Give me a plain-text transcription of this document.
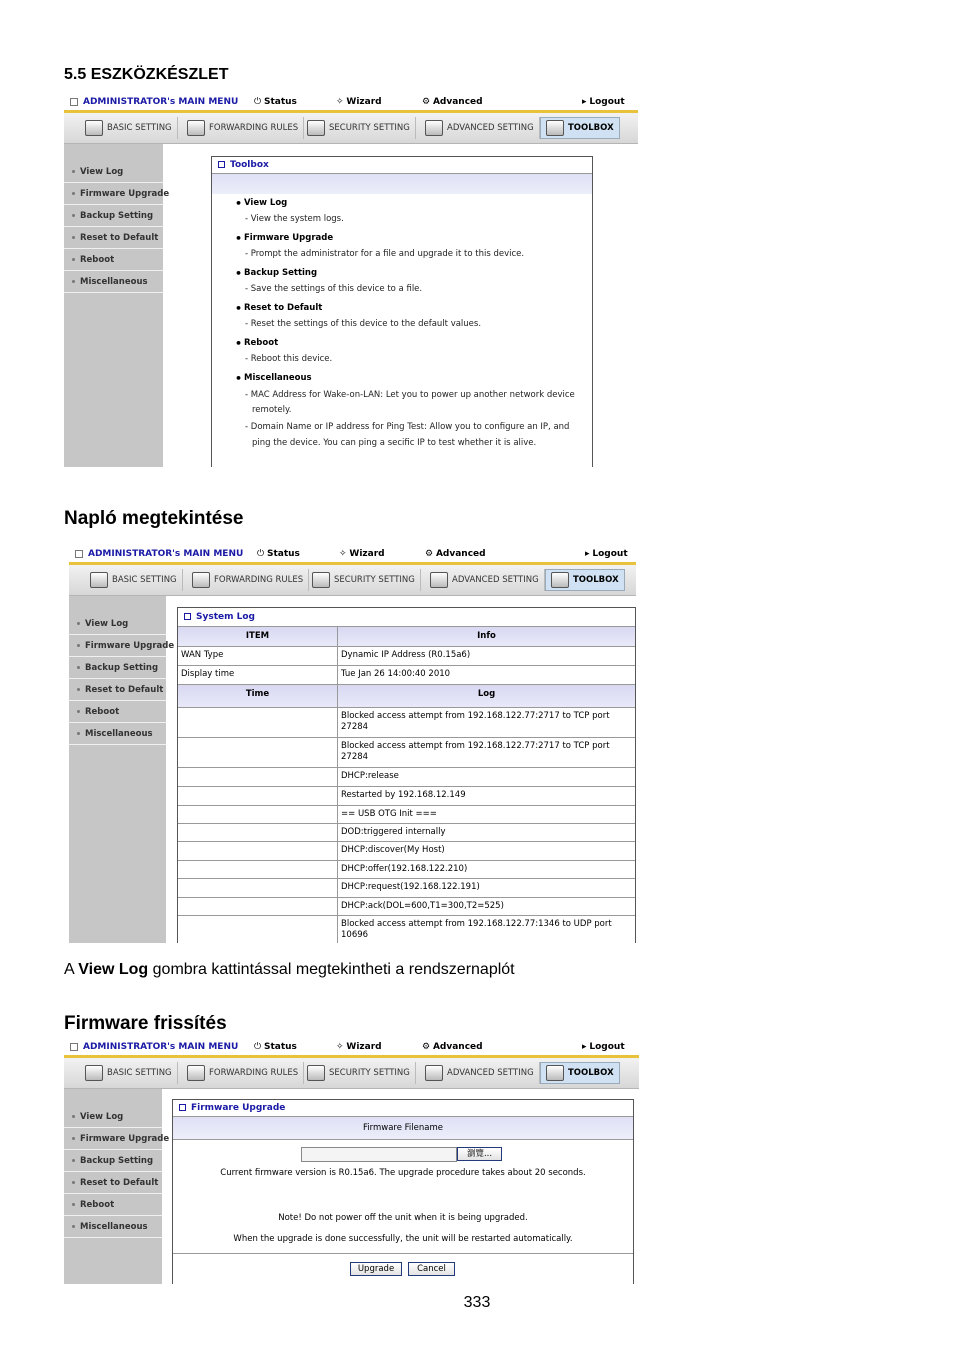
5.5 ESZKÖZKÉSZLET
ADMINISTRATOR's MAIN MENU ⏻ Status	✧ Wizard	⚙ Advanced	▸ Logout
BASIC SETTING	FORWARDING RULES	SECURITY SETTING	ADVANCED SETTING	TOOLBOX
View Log
Firmware Upgrade
Backup Setting
Reset to Default
Reboot
Miscellaneous
Toolbox
• View Log
- View the system logs.
• Firmware Upgrade
- Prompt the administrator for a file and upgrade it to this device.
• Backup Setting
- Save the settings of this device to a file.
• Reset to Default
- Reset the settings of this device to the default values.
• Reboot
- Reboot this device.
• Miscellaneous
- MAC Address for Wake-on-LAN: Let you to power up another network device
remotely.
- Domain Name or IP address for Ping Test: Allow you to configure an IP, and
ping the device. You can ping a secific IP to test whether it is alive.
Napló megtekintése
ADMINISTRATOR's MAIN MENU ⏻ Status	✧ Wizard	⚙ Advanced	▸ Logout
BASIC SETTING	FORWARDING RULES	SECURITY SETTING	ADVANCED SETTING	TOOLBOX
View Log
Firmware Upgrade
Backup Setting
Reset to Default
Reboot
Miscellaneous
System Log
ITEM	Info
WAN Type	Dynamic IP Address (R0.15a6)
Display time	Tue Jan 26 14:00:40 2010
Time	Log
Blocked access attempt from 192.168.122.77:2717 to TCP port 27284
Blocked access attempt from 192.168.122.77:2717 to TCP port 27284
DHCP:release
Restarted by 192.168.12.149
== USB OTG Init ===
DOD:triggered internally
DHCP:discover(My Host)
DHCP:offer(192.168.122.210)
DHCP:request(192.168.122.191)
DHCP:ack(DOL=600,T1=300,T2=525)
Blocked access attempt from 192.168.122.77:1346 to UDP port 10696
A View Log gombra kattintással megtekintheti a rendszernaplót
Firmware frissítés
ADMINISTRATOR's MAIN MENU ⏻ Status	✧ Wizard	⚙ Advanced	▸ Logout
BASIC SETTING	FORWARDING RULES	SECURITY SETTING	ADVANCED SETTING	TOOLBOX
View Log
Firmware Upgrade
Backup Setting
Reset to Default
Reboot
Miscellaneous
Firmware Upgrade
Firmware Filename
瀏覽...
Current firmware version is R0.15a6. The upgrade procedure takes about 20 seconds.
Note! Do not power off the unit when it is being upgraded.
When the upgrade is done successfully, the unit will be restarted automatically.
Upgrade	Cancel
333
